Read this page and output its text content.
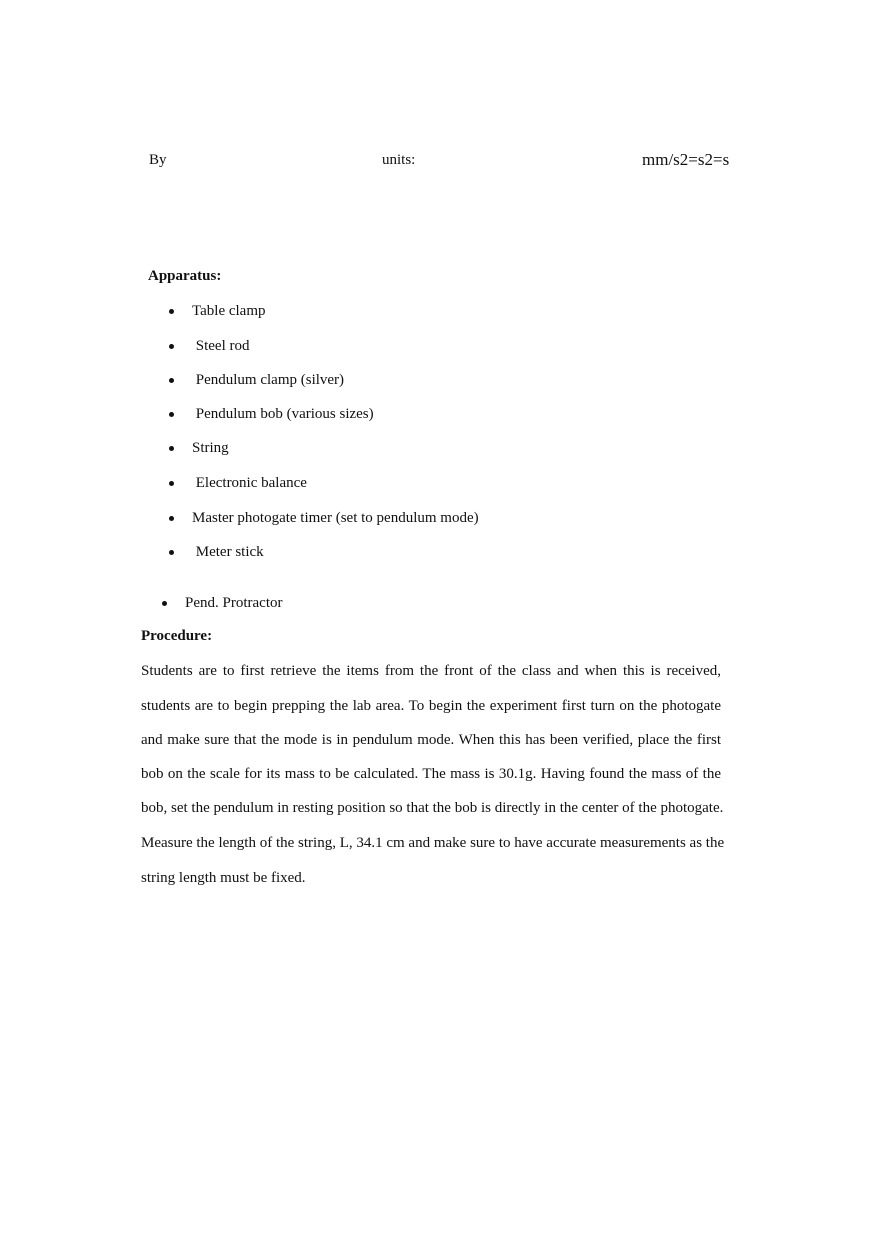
By	units:	mm/s2=s2=s
Apparatus:
Table clamp
Steel rod
Pendulum clamp (silver)
Pendulum bob (various sizes)
String
Electronic balance
Master photogate timer (set to pendulum mode)
Meter stick
Pend. Protractor
Procedure:
Students are to first retrieve the items from the front of the class and when this is received,
students are to begin prepping the lab area. To begin the experiment first turn on the photogate
and make sure that the mode is in pendulum mode. When this has been verified, place the first
bob on the scale for its mass to be calculated. The mass is 30.1g. Having found the mass of the
bob, set the pendulum in resting position so that the bob is directly in the center of the photogate.
Measure the length of the string, L, 34.1 cm and make sure to have accurate measurements as the
string length must be fixed.
